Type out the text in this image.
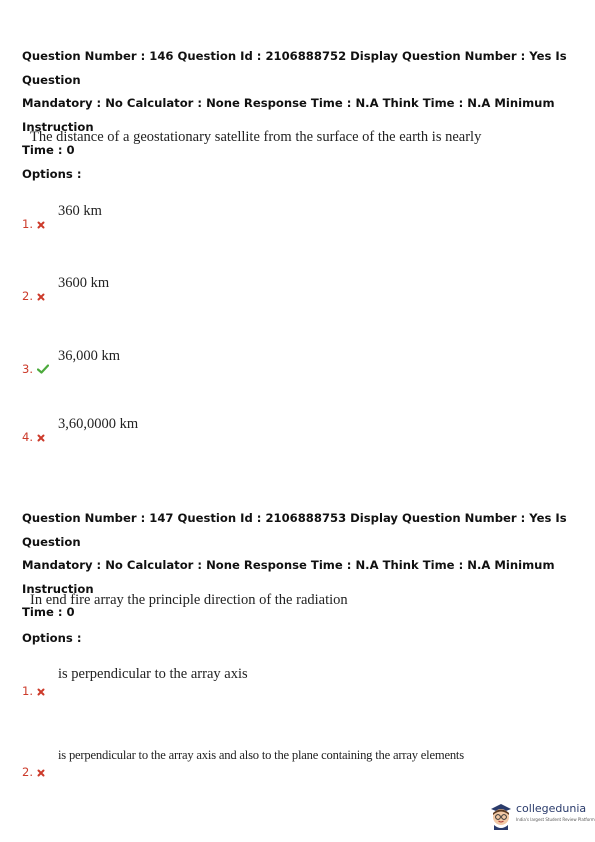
Question Number : 146 Question Id : 2106888752 Display Question Number : Yes Is Question
Mandatory : No Calculator : None Response Time : N.A Think Time : N.A Minimum Instruction
Time : 0
The distance of a geostationary satellite from the surface of the earth is nearly
Options :
360 km
1.
3600 km
2.
36,000 km
3.
3,60,0000 km
4.
Question Number : 147 Question Id : 2106888753 Display Question Number : Yes Is Question
Mandatory : No Calculator : None Response Time : N.A Think Time : N.A Minimum Instruction
Time : 0
In end fire array the principle direction of the radiation
Options :
is perpendicular to the array axis
1.
is perpendicular to the array axis and also to the plane containing the array elements
2.
collegedunia
India's largest Student Review Platform
